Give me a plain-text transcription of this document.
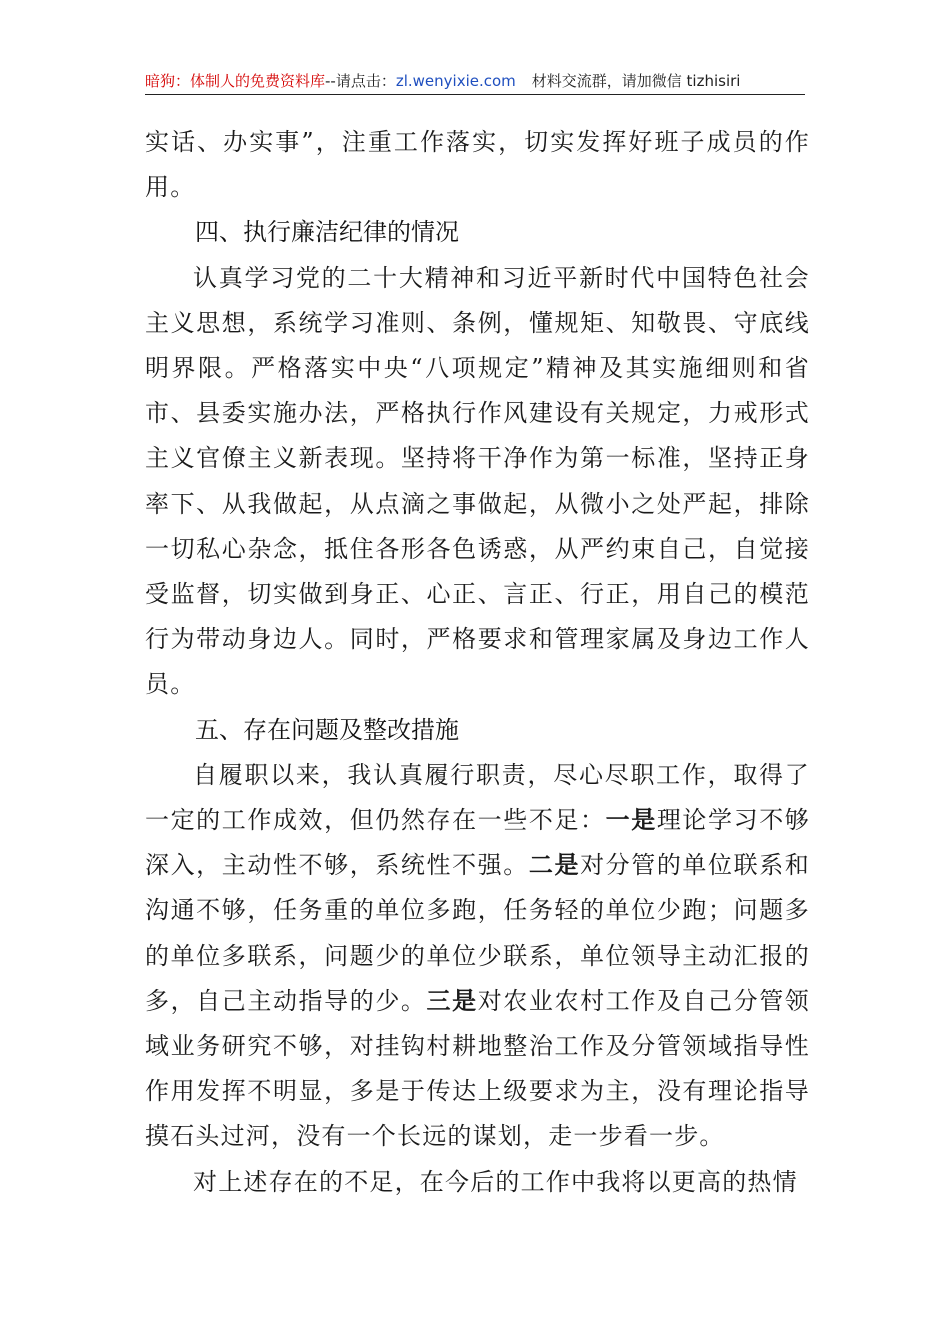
暗狗：体制人的免费资料库--请点击：zl.wenyixie.com 材料交流群，请加微信 tizhisiri

实话、办实事”，注重工作落实，切实发挥好班子成员的作用。

四、执行廉洁纪律的情况

认真学习党的二十大精神和习近平新时代中国特色社会主义思想，系统学习准则、条例，懂规矩、知敬畏、守底线明界限。严格落实中央“八项规定”精神及其实施细则和省市、县委实施办法，严格执行作风建设有关规定，力戒形式主义官僚主义新表现。坚持将干净作为第一标准，坚持正身率下、从我做起，从点滴之事做起，从微小之处严起，排除一切私心杂念，抵住各形各色诱惑，从严约束自己，自觉接受监督，切实做到身正、心正、言正、行正，用自己的模范行为带动身边人。同时，严格要求和管理家属及身边工作人员。

五、存在问题及整改措施

自履职以来，我认真履行职责，尽心尽职工作，取得了一定的工作成效，但仍然存在一些不足：一是理论学习不够深入，主动性不够，系统性不强。二是对分管的单位联系和沟通不够，任务重的单位多跑，任务轻的单位少跑；问题多的单位多联系，问题少的单位少联系，单位领导主动汇报的多，自己主动指导的少。三是对农业农村工作及自己分管领域业务研究不够，对挂钩村耕地整治工作及分管领域指导性作用发挥不明显，多是于传达上级要求为主，没有理论指导摸石头过河，没有一个长远的谋划，走一步看一步。

对上述存在的不足，在今后的工作中我将以更高的热情
